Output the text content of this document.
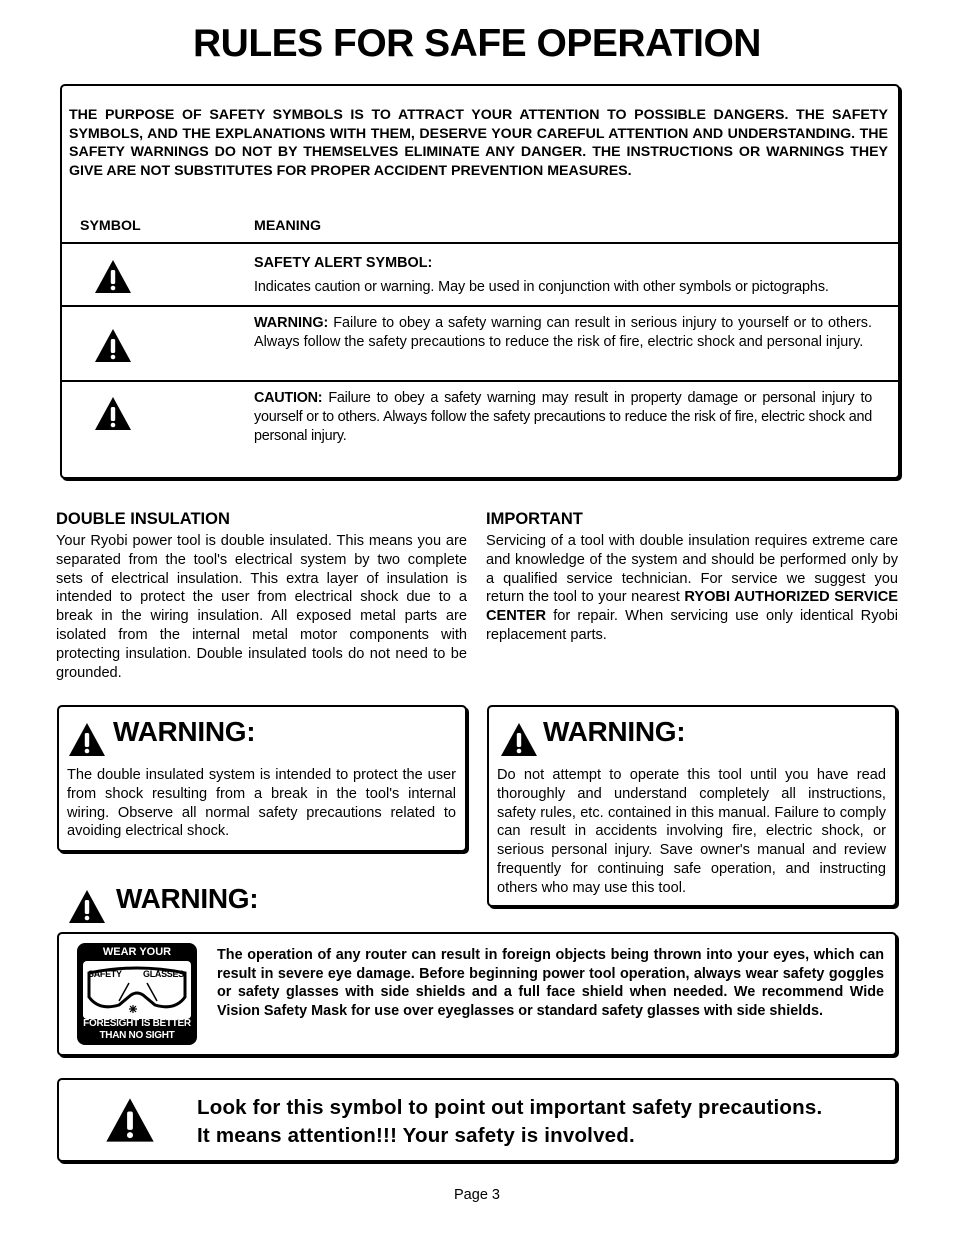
RULES FOR SAFE OPERATION
THE PURPOSE OF SAFETY SYMBOLS IS TO ATTRACT YOUR ATTENTION TO POSSIBLE DANGERS. THE SAFETY SYMBOLS, AND THE EXPLANATIONS WITH THEM, DESERVE YOUR CAREFUL ATTENTION AND UNDERSTANDING. THE SAFETY WARNINGS DO NOT BY THEMSELVES ELIMINATE ANY DANGER. THE INSTRUCTIONS OR WARNINGS THEY GIVE ARE NOT SUBSTITUTES FOR PROPER ACCIDENT PREVENTION MEASURES.
SYMBOL	MEANING
SAFETY ALERT SYMBOL:
Indicates caution or warning. May be used in conjunction with other symbols or pictographs.
WARNING: Failure to obey a safety warning can result in serious injury to yourself or to others. Always follow the safety precautions to reduce the risk of fire, electric shock and personal injury.
CAUTION: Failure to obey a safety warning may result in property damage or personal injury to yourself or to others. Always follow the safety precautions to reduce the risk of fire, electric shock and personal injury.
DOUBLE INSULATION
Your Ryobi power tool is double insulated. This means you are separated from the tool's electrical system by two complete sets of electrical insulation. This extra layer of insulation is intended to protect the user from electrical shock due to a break in the wiring insulation. All exposed metal parts are isolated from the internal metal motor components with protecting insulation. Double insulated tools do not need to be grounded.
IMPORTANT
Servicing of a tool with double insulation requires extreme care and knowledge of the system and should be performed only by a qualified service technician. For service we suggest you return the tool to your nearest RYOBI AUTHORIZED SERVICE CENTER for repair. When servicing use only identical Ryobi replacement parts.
WARNING:
The double insulated system is intended to protect the user from shock resulting from a break in the tool's internal wiring. Observe all normal safety precautions related to avoiding electrical shock.
WARNING:
Do not attempt to operate this tool until you have read thoroughly and understand completely all instructions, safety rules, etc. contained in this manual. Failure to comply can result in accidents involving fire, electric shock, or serious personal injury. Save owner's manual and review frequently for continuing safe operation, and instructing others who may use this tool.
WARNING:
WEAR YOUR
SAFETY GLASSES
FORESIGHT IS BETTER
THAN NO SIGHT
The operation of any router can result in foreign objects being thrown into your eyes, which can result in severe eye damage. Before beginning power tool operation, always wear safety goggles or safety glasses with side shields and a full face shield when needed. We recommend Wide Vision Safety Mask for use over eyeglasses or standard safety glasses with side shields.
Look for this symbol to point out important safety precautions.
It means attention!!! Your safety is involved.
Page 3
